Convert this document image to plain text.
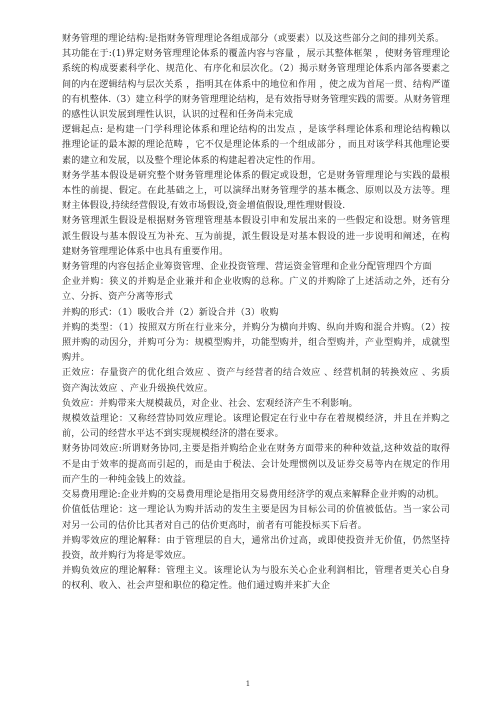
财务管理的理论结构:是指财务管理理论各组成部分（或要素）以及这些部分之间的排列关系。

其功能在于:(1)界定财务管理理论体系的覆盖内容与容量 ，展示其整体框架 ，使财务管理理论系统的构成要素科学化、规范化、有序化和层次化。（2）揭示财务管理理论体系内部各要素之间的内在逻辑结构与层次关系 ，指明其在体系中的地位和作用 ，使之成为首尾一贯、结构严谨的有机整体.（3）建立科学的财务管理理论结构，是有效指导财务管理实践的需要。从财务管理的感性认识发展到理性认识，认识的过程和任务尚未完成

逻辑起点: 是构建一门学科理论体系和理论结构的出发点 ，是该学科理论体系和理论结构赖以推理论证的最本源的理论范畴 ，它不仅是理论体系的一个组成部分 ，而且对该学科其他理论要素的建立和发展，以及整个理论体系的构建起着决定性的作用。

财务学基本假设是研究整个财务管理理论体系的假定或设想，它是财务管理理论与实践的最根本性的前提、假定。在此基础之上，可以演绎出财务管理学的基本概念、原则以及方法等。理财主体假设,持续经营假设,有效市场假设,资金增值假设,理性理财假设.

财务管理派生假设是根据财务管理管理基本假设引申和发展出来的一些假定和设想。财务管理派生假设与基本假设互为补充、互为前提，派生假设是对基本假设的进一步说明和阐述，在构建财务管理理论体系中也具有重要作用。

财务管理的内容包括企业筹资管理、企业投资管理、营运资金管理和企业分配管理四个方面

企业并购：狭义的并购是企业兼并和企业收购的总称。广义的并购除了上述活动之外，还有分立、分拆、资产分离等形式

并购的形式：（1）吸收合并（2）新设合并（3）收购

并购的类型：（1）按照双方所在行业来分，并购分为横向并购、纵向并购和混合并购。（2）按照并购的动因分，并购可分为：规模型购并，功能型购并，组合型购并，产业型购并，成就型购并。

正效应：存量资产的优化组合效应 、资产与经营者的结合效应 、经营机制的转换效应 、劣质资产淘汰效应 、产业升级换代效应。

负效应：并购带来大规模裁员，对企业、社会、宏观经济产生不利影响。

规模效益理论：又称经营协同效应理论。该理论假定在行业中存在着规模经济，并且在并购之前，公司的经营水平达不到实现规模经济的潜在要求。

财务协同效应:所谓财务协同,主要是指并购给企业在财务方面带来的种种效益,这种效益的取得不是由于效率的提高而引起的，而是由于税法、会计处理惯例以及证券交易等内在规定的作用而产生的一种纯金钱上的效益。

交易费用理论:企业并购的交易费用理论是指用交易费用经济学的观点来解释企业并购的动机。

价值低估理论：这一理论认为购并活动的发生主要是因为目标公司的价值被低估。当一家公司对另一公司的估价比其者对自己的估价更高时，前者有可能投标买下后者。

并购零效应的理论解释：由于管理层的自大，通常出价过高，或即使投资并无价值，仍然坚持投资，故并购行为将是零效应。

并购负效应的理论解释：管理主义。该理论认为与股东关心企业利润相比，管理者更关心自身的权利、收入、社会声望和职位的稳定性。他们通过购并来扩大企

1
